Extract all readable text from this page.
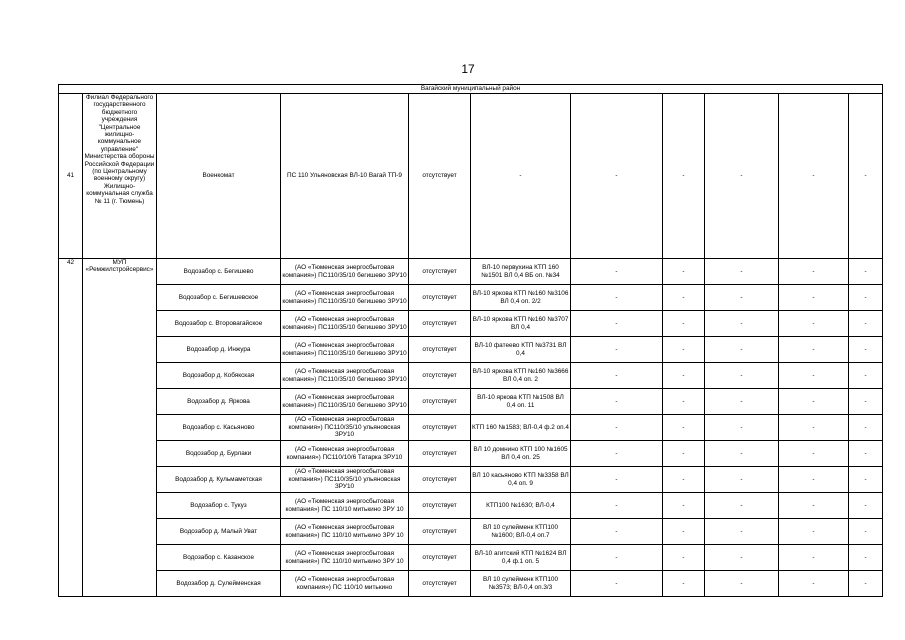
17
Вагайский муниципальный район										
41	Филиал Федерального государственного бюджетного учреждения "Центральное жилищно-коммунальное управление" Министерства обороны Российской Федерации (по Центральному военному округу) Жилищно-коммунальная служба № 11 (г. Тюмень)	Военкомат	ПС 110 Ульяновская ВЛ-10 Вагай ТП-9	отсутствует	-	-	-	-	-	-
42	МУП «Ремжилстройсервис»	Водозабор с. Бегишево	(АО «Тюменская энергосбытовая компания») ПС110/35/10 бегишево ЗРУ10	отсутствует	ВЛ-10 первухина КТП 160 №1501 ВЛ 0,4 ВБ оп. №34	-	-	-	-	-
		Водозабор с. Бегишевское	(АО «Тюменская энергосбытовая компания») ПС110/35/10 бегишево ЗРУ10	отсутствует	ВЛ-10 яркова КТП №160 №3106 ВЛ 0,4 оп. 2/2	-	-	-	-	-
		Водозабор с. Второвагайское	(АО «Тюменская энергосбытовая компания») ПС110/35/10 бегишево ЗРУ10	отсутствует	ВЛ-10 яркова КТП №160 №3707 ВЛ 0,4	-	-	-	-	-
		Водозабор д. Инжура	(АО «Тюменская энергосбытовая компания») ПС110/35/10 бегишево ЗРУ10	отсутствует	ВЛ-10 фатеево КТП №3731 ВЛ 0,4	-	-	-	-	-
		Водозабор д. Кобякская	(АО «Тюменская энергосбытовая компания») ПС110/35/10 бегишево ЗРУ10	отсутствует	ВЛ-10 яркова КТП №160 №3666 ВЛ 0,4 оп. 2	-	-	-	-	-
		Водозабор д. Яркова	(АО «Тюменская энергосбытовая компания») ПС110/35/10 бегишево ЗРУ10	отсутствует	ВЛ-10 яркова КТП №1508 ВЛ 0,4 оп. 11	-	-	-	-	-
		Водозабор с. Касьяново	(АО «Тюменская энергосбытовая компания») ПС110/35/10 ульяновская ЗРУ10	отсутствует	КТП 160 №1583; ВЛ-0,4 ф.2 оп.4	-	-	-	-	-
		Водозабор д. Бурлаки	(АО «Тюменская энергосбытовая компания») ПС110/10/6 Татарка ЗРУ10	отсутствует	ВЛ 10 домнино КТП 100 №1605 ВЛ 0,4 оп. 25	-	-	-	-	-
		Водозабор д. Кульмаметская	(АО «Тюменская энергосбытовая компания») ПС110/35/10 ульяновская ЗРУ10	отсутствует	ВЛ 10 касьяново КТП №3358 ВЛ 0,4 оп. 9	-	-	-	-	-
		Водозабор с. Тукуз	(АО «Тюменская энергосбытовая компания») ПС 110/10 митькино ЗРУ 10	отсутствует	КТП100 №1630; ВЛ-0,4	-	-	-	-	-
		Водозабор д. Малый Уват	(АО «Тюменская энергосбытовая компания») ПС 110/10 митькино ЗРУ 10	отсутствует	ВЛ 10 сулейменк КТП100 №1600; ВЛ-0,4 оп.7	-	-	-	-	-
		Водозабор с. Казанское	(АО «Тюменская энергосбытовая компания») ПС 110/10 митькино ЗРУ 10	отсутствует	ВЛ-10 агитский КТП №1624 ВЛ 0,4 ф.1 оп. 5	-	-	-	-	-
		Водозабор д. Сулейменская	(АО «Тюменская энергосбытовая компания») ПС 110/10 митькино	отсутствует	ВЛ 10 сулейменк КТП100 №3573; ВЛ-0,4 оп.3/3	-	-	-	-	-
